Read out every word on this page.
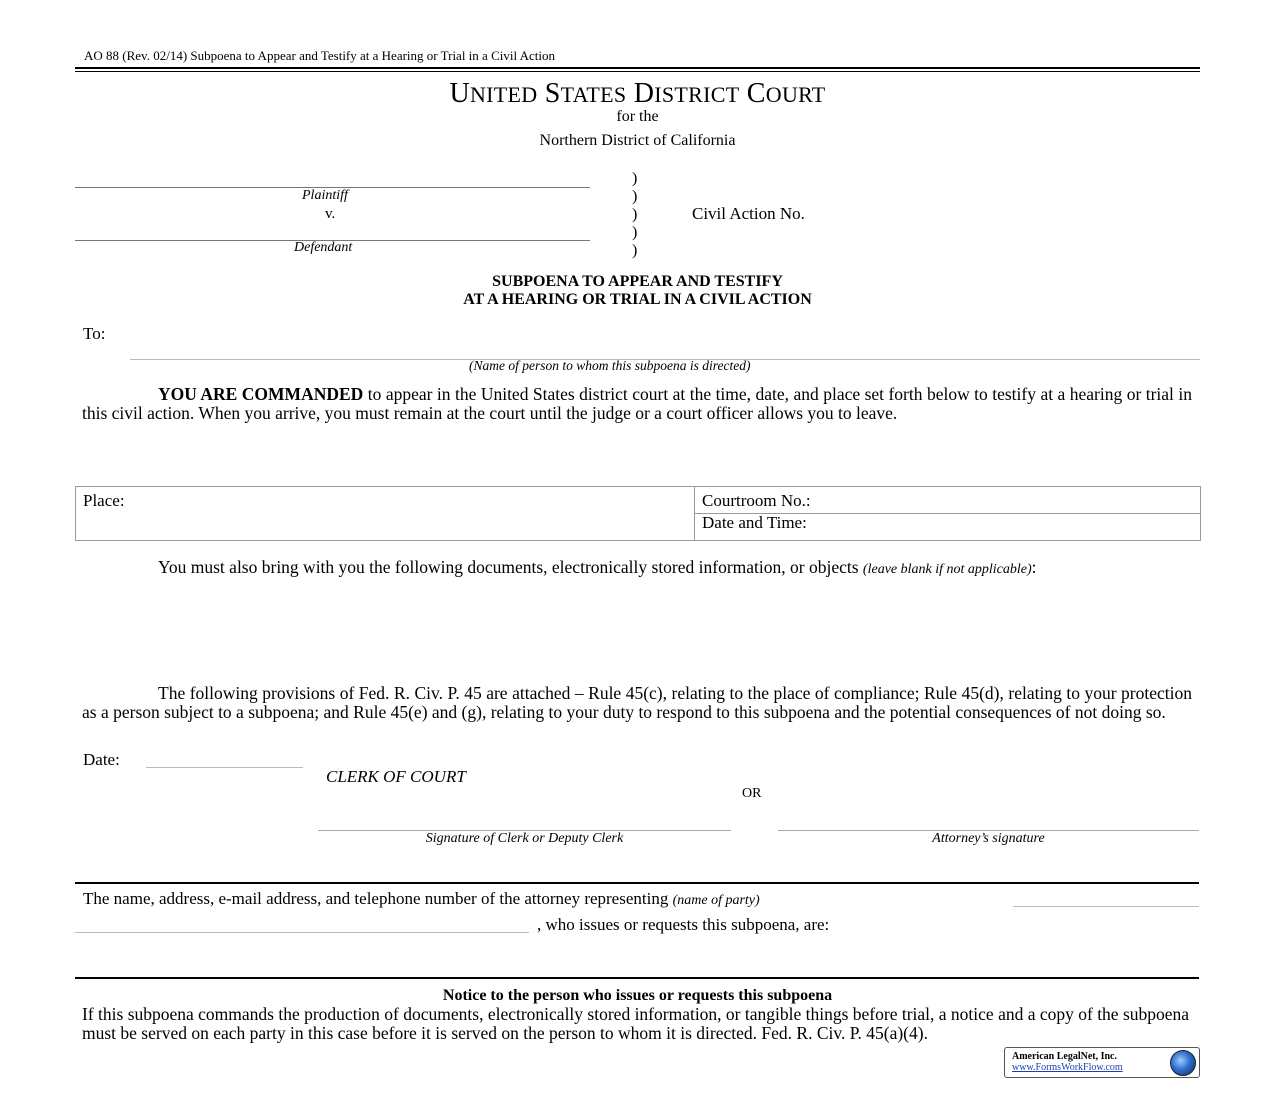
AO 88 (Rev. 02/14) Subpoena to Appear and Testify at a Hearing or Trial in a Civil Action
UNITED STATES DISTRICT COURT
for the
Northern District of California
Plaintiff
v.
Defendant
)
)
)
)
)
Civil Action No.
SUBPOENA TO APPEAR AND TESTIFY
AT A HEARING OR TRIAL IN A CIVIL ACTION
To:
(Name of person to whom this subpoena is directed)
YOU ARE COMMANDED to appear in the United States district court at the time, date, and place set forth below to testify at a hearing or trial in this civil action. When you arrive, you must remain at the court until the judge or a court officer allows you to leave.
Place:	Courtroom No.:
Date and Time:
You must also bring with you the following documents, electronically stored information, or objects (leave blank if not applicable):
The following provisions of Fed. R. Civ. P. 45 are attached – Rule 45(c), relating to the place of compliance; Rule 45(d), relating to your protection as a person subject to a subpoena; and Rule 45(e) and (g), relating to your duty to respond to this subpoena and the potential consequences of not doing so.
Date:
CLERK OF COURT
OR
Signature of Clerk or Deputy Clerk	Attorney’s signature
The name, address, e-mail address, and telephone number of the attorney representing (name of party)
, who issues or requests this subpoena, are:
Notice to the person who issues or requests this subpoena
If this subpoena commands the production of documents, electronically stored information, or tangible things before trial, a notice and a copy of the subpoena must be served on each party in this case before it is served on the person to whom it is directed. Fed. R. Civ. P. 45(a)(4).
American LegalNet, Inc.
www.FormsWorkFlow.com
